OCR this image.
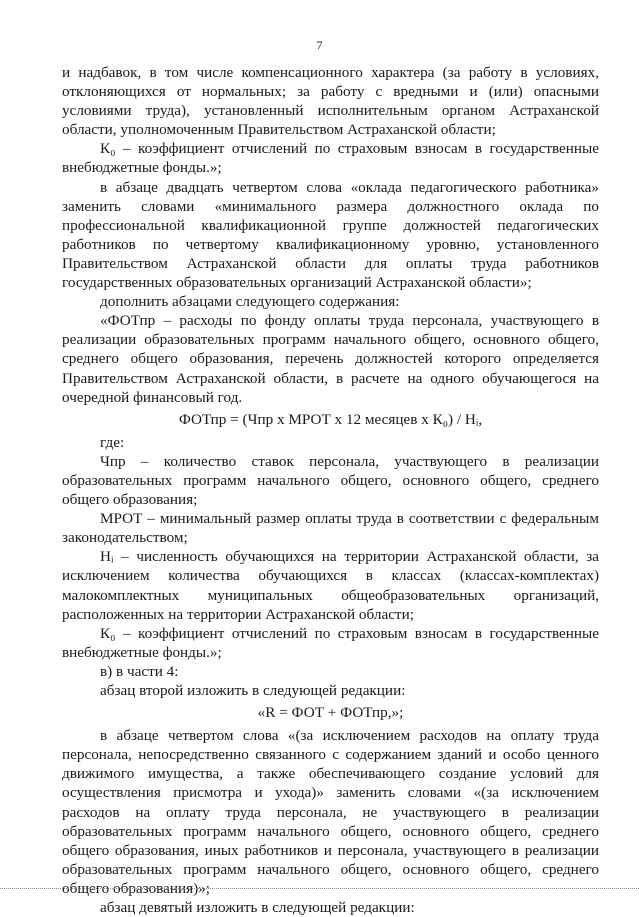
7

и надбавок, в том числе компенсационного характера (за работу в условиях, отклоняющихся от нормальных; за работу с вредными и (или) опасными условиями труда), установленный исполнительным органом Астраханской области, уполномоченным Правительством Астраханской области;

К₀ – коэффициент отчислений по страховым взносам в государственные внебюджетные фонды.»;

в абзаце двадцать четвертом слова «оклада педагогического работника» заменить словами «минимального размера должностного оклада по профессиональной квалификационной группе должностей педагогических работников по четвертому квалификационному уровню, установленного Правительством Астраханской области для оплаты труда работников государственных образовательных организаций Астраханской области»;

дополнить абзацами следующего содержания:

«ФОТпр – расходы по фонду оплаты труда персонала, участвующего в реализации образовательных программ начального общего, основного общего, среднего общего образования, перечень должностей которого определяется Правительством Астраханской области, в расчете на одного обучающегося на очередной финансовый год.

ФОТпр = (Чпр х МРОТ х 12 месяцев х К₀) / Нᵢ,

где:

Чпр – количество ставок персонала, участвующего в реализации образовательных программ начального общего, основного общего, среднего общего образования;

МРОТ – минимальный размер оплаты труда в соответствии с федеральным законодательством;

Нᵢ – численность обучающихся на территории Астраханской области, за исключением количества обучающихся в классах (классах-комплектах) малокомплектных муниципальных общеобразовательных организаций, расположенных на территории Астраханской области;

К₀ – коэффициент отчислений по страховым взносам в государственные внебюджетные фонды.»;

в) в части 4:

абзац второй изложить в следующей редакции:

«R = ФОТ + ФОТпр,»;

в абзаце четвертом слова «(за исключением расходов на оплату труда персонала, непосредственно связанного с содержанием зданий и особо ценного движимого имущества, а также обеспечивающего создание условий для осуществления присмотра и ухода)» заменить словами «(за исключением расходов на оплату труда персонала, не участвующего в реализации образовательных программ начального общего, основного общего, среднего общего образования, иных работников и персонала, участвующего в реализации образовательных программ начального общего, основного общего, среднего общего образования)»;

абзац девятый изложить в следующей редакции:
